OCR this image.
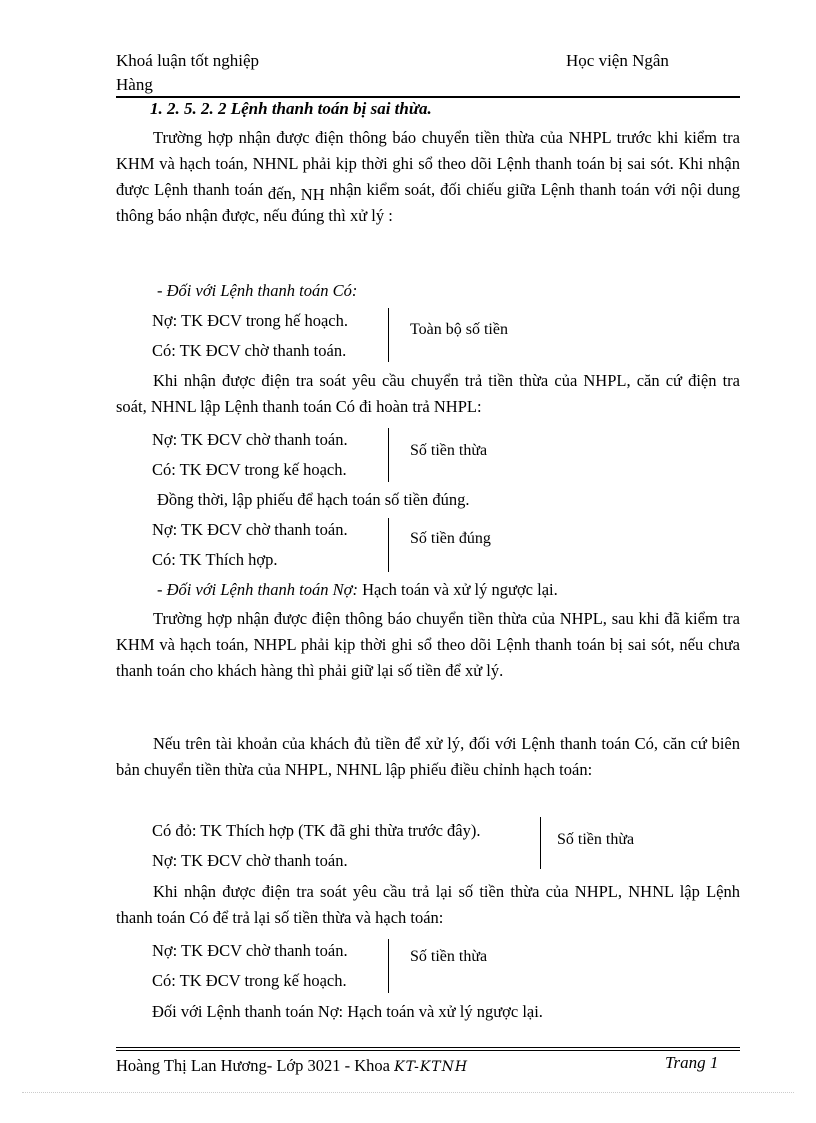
Khoá luận tốt nghiệp	Học viện Ngân
Hàng
1. 2. 5. 2. 2 Lệnh thanh toán bị sai thừa.
Trường hợp nhận được điện thông báo chuyển tiền thừa của NHPL trước khi kiểm tra KHM và hạch toán, NHNL phải kịp thời ghi sổ theo dõi Lệnh thanh toán bị sai sót. Khi nhận được Lệnh thanh toán đến, NH nhận kiểm soát, đối chiếu giữa Lệnh thanh toán với nội dung thông báo nhận được, nếu đúng thì xử lý :
- Đối với Lệnh thanh toán Có:
Nợ: TK ĐCV trong hế hoạch.
Có: TK ĐCV chờ thanh toán.
Toàn bộ số tiền
Khi nhận được điện tra soát yêu cầu chuyển trả tiền thừa của NHPL, căn cứ điện tra soát, NHNL lập Lệnh thanh toán Có đi hoàn trả NHPL:
Nợ: TK ĐCV chờ thanh toán.
Có: TK ĐCV trong kế hoạch.
Số tiền thừa
Đồng thời, lập phiếu để hạch toán số tiền đúng.
Nợ: TK ĐCV chờ thanh toán.
Có: TK Thích hợp.
Số tiền đúng
- Đối với Lệnh thanh toán Nợ: Hạch toán và xử lý ngược lại.
Trường hợp nhận được điện thông báo chuyển tiền thừa của NHPL, sau khi đã kiểm tra KHM và hạch toán, NHPL phải kịp thời ghi sổ theo dõi Lệnh thanh toán bị sai sót, nếu chưa thanh toán cho khách hàng thì phải giữ lại số tiền để xử lý.
Nếu trên tài khoản của khách đủ tiền để xử lý, đối với Lệnh thanh toán Có, căn cứ biên bản chuyển tiền thừa của NHPL, NHNL lập phiếu điều chỉnh hạch toán:
Có đỏ: TK Thích hợp (TK đã ghi thừa trước đây).
Nợ: TK ĐCV chờ thanh toán.
Số tiền thừa
Khi nhận được điện tra soát yêu cầu trả lại số tiền thừa của NHPL, NHNL lập Lệnh thanh toán Có để trả lại số tiền thừa và hạch toán:
Nợ: TK ĐCV chờ thanh toán.
Có: TK ĐCV trong kế hoạch.
Số tiền thừa
Đối với Lệnh thanh toán Nợ: Hạch toán và xử lý ngược lại.
Hoàng Thị Lan Hương- Lớp 3021 - Khoa KT-KTNH	Trang 1
